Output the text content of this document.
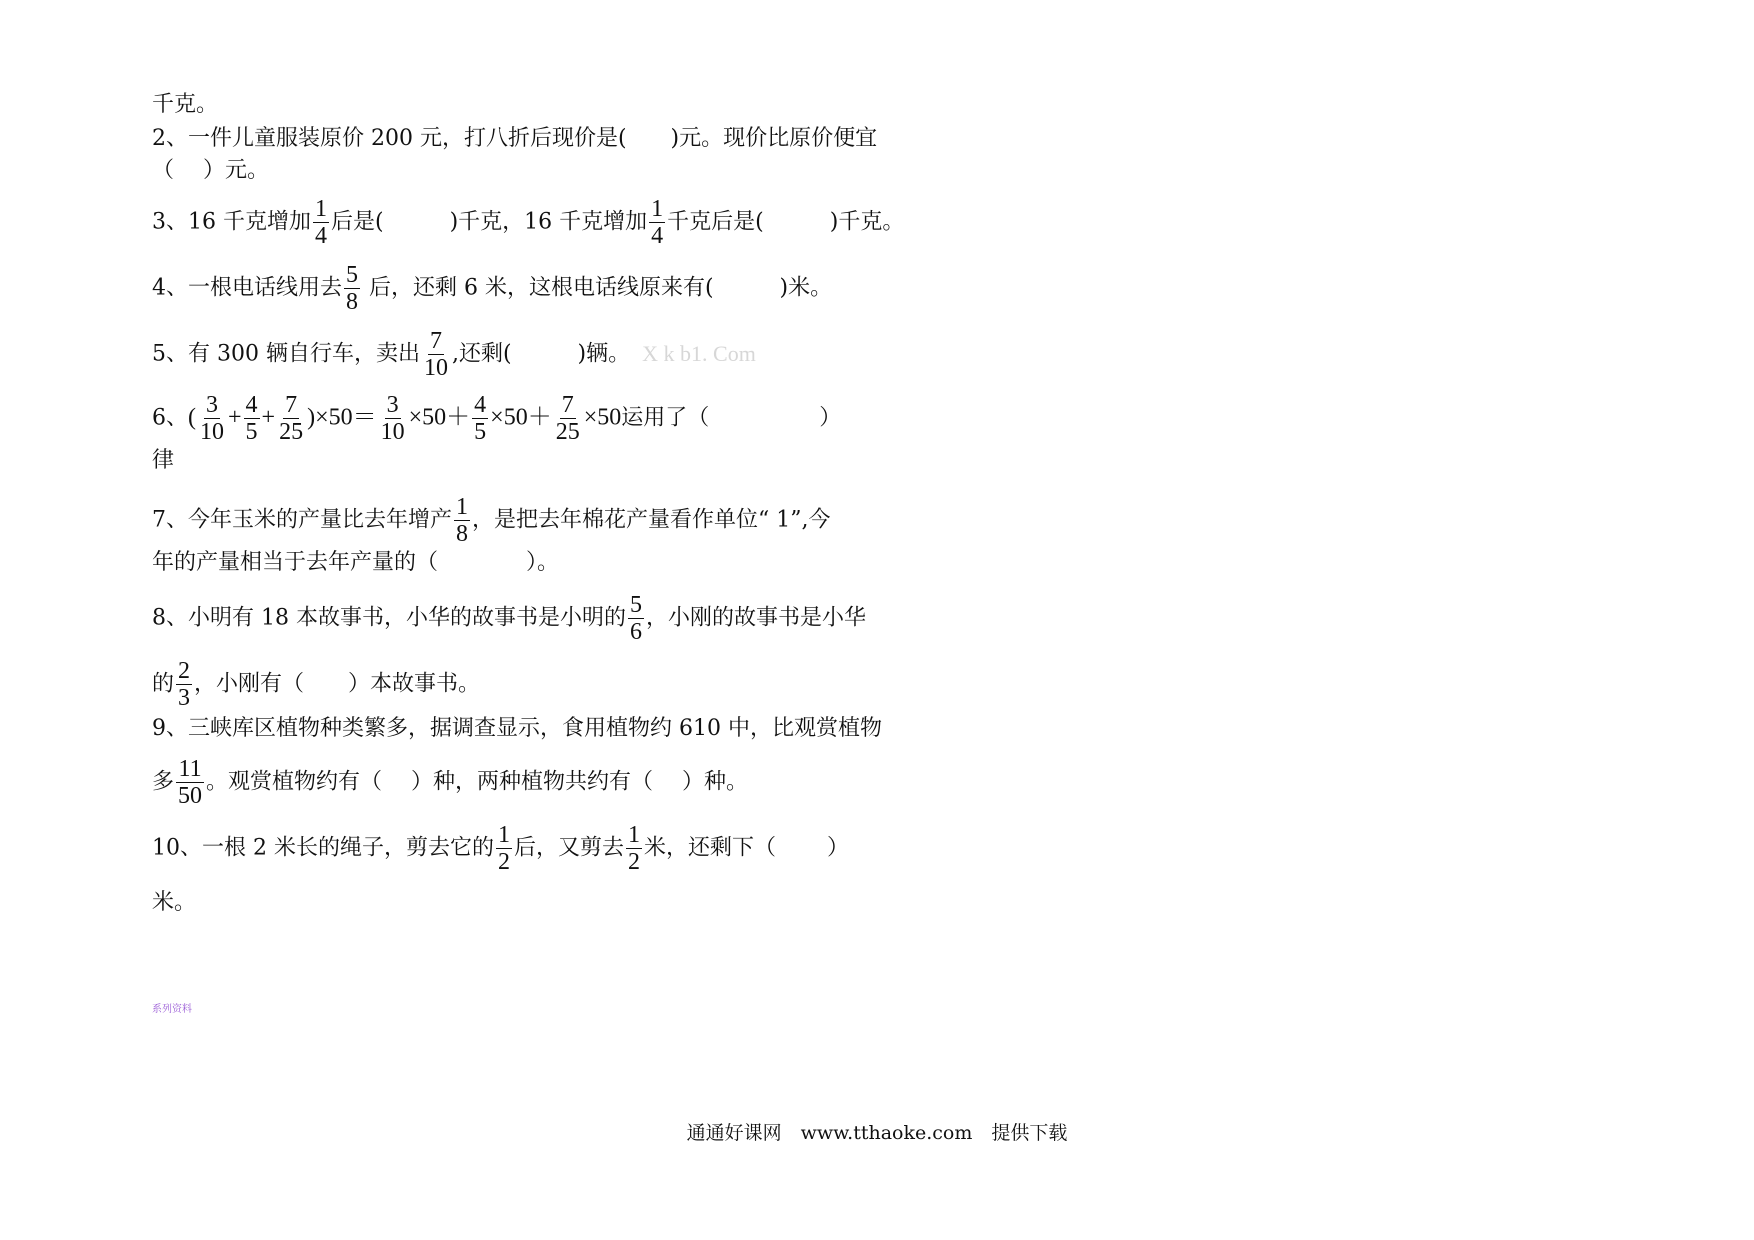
千克。
2、一件儿童服装原价 200 元，打八折后现价是(　　)元。现价比原价便宜
（　 ）元。
3、16 千克增加 $\frac{1}{4}$ 后是(　　　)千克，16 千克增加 $\frac{1}{4}$ 千克后是(　　　)千克。
4、一根电话线用去 $\frac{5}{8}$ 后，还剩 6 米，这根电话线原来有(　　　)米。
5、有 300 辆自行车，卖出 $\frac{7}{10}$ ,还剩(　　　)辆。 X k b1. Com
6、( $\frac{3}{10} + \frac{4}{5} + \frac{7}{25} )\times 50= \frac{3}{10} \times 50+ \frac{4}{5} \times 50+ \frac{7}{25} \times 50$运用了（　　　　　）
律
7、今年玉米的产量比去年增产 $\frac{1}{8}$ ，是把去年棉花产量看作单位“ 1”,今
年的产量相当于去年产量的（　　　　）。
8、小明有 18 本故事书，小华的故事书是小明的 $\frac{5}{6}$ ，小刚的故事书是小华
的 $\frac{2}{3}$ ，小刚有（　　）本故事书。
9、三峡库区植物种类繁多，据调查显示，食用植物约 610 中，比观赏植物
多 $\frac{11}{50}$ 。观赏植物约有（　 ）种，两种植物共约有（　 ）种。
10、一根 2 米长的绳子，剪去它的 $\frac{1}{2}$ 后，又剪去 $\frac{1}{2}$ 米，还剩下（　　 ）
米。
系列资料
通通好课网　www.tthaoke.com　提供下载
